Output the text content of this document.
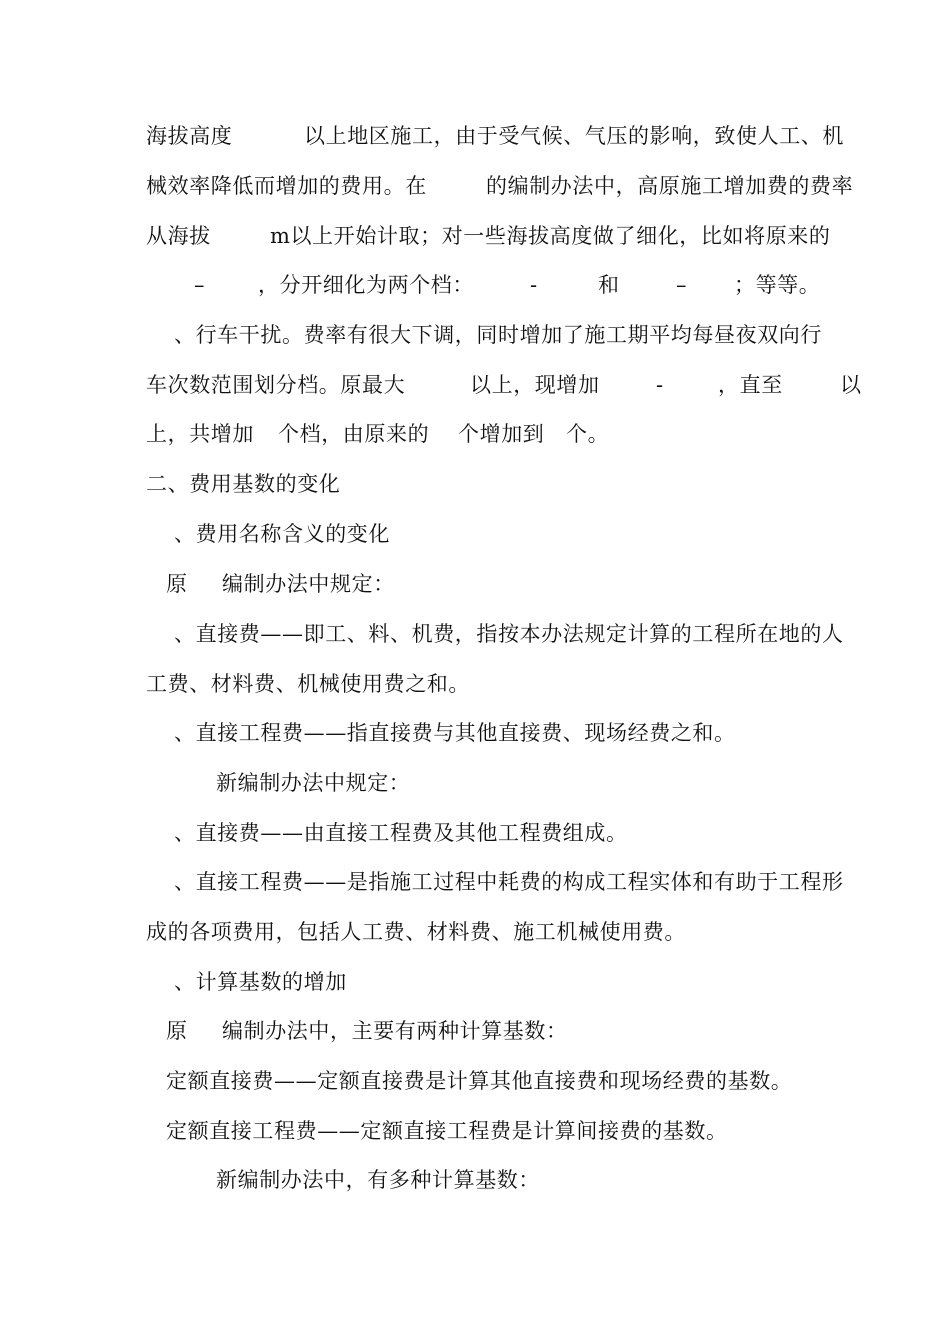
海拔高度	以上地区施工，由于受气候、气压的影响，致使人工、机
械效率降低而增加的费用。在	的编制办法中，高原施工增加费的费率
从海拔	m以上开始计取；对一些海拔高度做了细化，比如将原来的
–	，分开细化为两个档：	-	和	– ；等等。
、行车干扰。费率有很大下调，同时增加了施工期平均每昼夜双向行
车次数范围划分档。原最大	以上，现增加	-	，直至	以
上，共增加 个档，由原来的 个增加到 个。
二、费用基数的变化
、费用名称含义的变化
原 编制办法中规定：
、直接费——即工、料、机费，指按本办法规定计算的工程所在地的人
工费、材料费、机械使用费之和。
、直接工程费——指直接费与其他直接费、现场经费之和。
新编制办法中规定：
、直接费——由直接工程费及其他工程费组成。
、直接工程费——是指施工过程中耗费的构成工程实体和有助于工程形
成的各项费用，包括人工费、材料费、施工机械使用费。
、计算基数的增加
原 编制办法中，主要有两种计算基数：
定额直接费——定额直接费是计算其他直接费和现场经费的基数。
定额直接工程费——定额直接工程费是计算间接费的基数。
新编制办法中，有多种计算基数：
